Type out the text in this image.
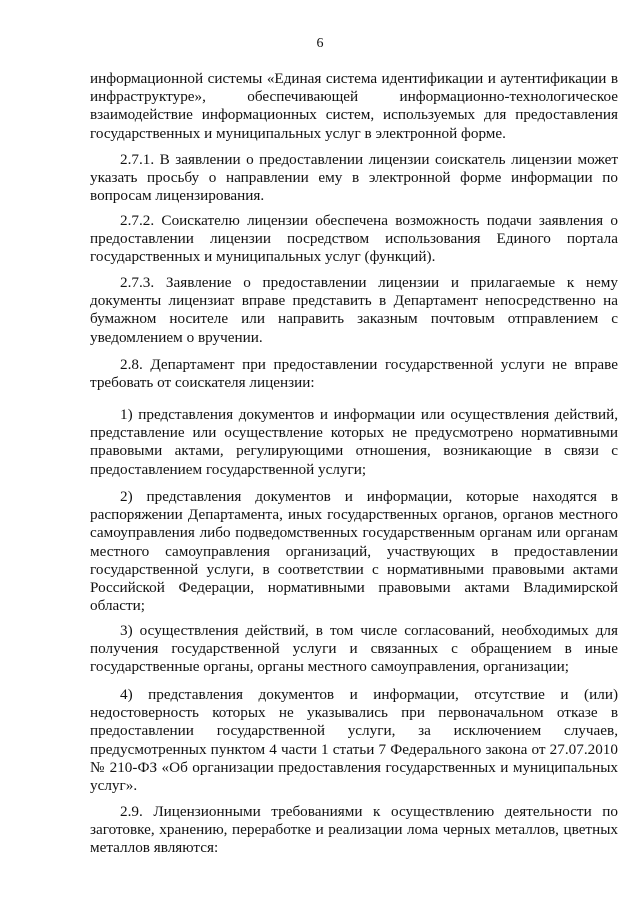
6

информационной системы «Единая система идентификации и аутентификации в инфраструктуре», обеспечивающей информационно-технологическое взаимодействие информационных систем, используемых для предоставления государственных и муниципальных услуг в электронной форме.

2.7.1. В заявлении о предоставлении лицензии соискатель лицензии может указать просьбу о направлении ему в электронной форме информации по вопросам лицензирования.

2.7.2. Соискателю лицензии обеспечена возможность подачи заявления о предоставлении лицензии посредством использования Единого портала государственных и муниципальных услуг (функций).

2.7.3. Заявление о предоставлении лицензии и прилагаемые к нему документы лицензиат вправе представить в Департамент непосредственно на бумажном носителе или направить заказным почтовым отправлением с уведомлением о вручении.

2.8. Департамент при предоставлении государственной услуги не вправе требовать от соискателя лицензии:

1) представления документов и информации или осуществления действий, представление или осуществление которых не предусмотрено нормативными правовыми актами, регулирующими отношения, возникающие в связи с предоставлением государственной услуги;

2) представления документов и информации, которые находятся в распоряжении Департамента, иных государственных органов, органов местного самоуправления либо подведомственных государственным органам или органам местного самоуправления организаций, участвующих в предоставлении государственной услуги, в соответствии с нормативными правовыми актами Российской Федерации, нормативными правовыми актами Владимирской области;

3) осуществления действий, в том числе согласований, необходимых для получения государственной услуги и связанных с обращением в иные государственные органы, органы местного самоуправления, организации;

4) представления документов и информации, отсутствие и (или) недостоверность которых не указывались при первоначальном отказе в предоставлении государственной услуги, за исключением случаев, предусмотренных пунктом 4 части 1 статьи 7 Федерального закона от 27.07.2010 № 210-ФЗ «Об организации предоставления государственных и муниципальных услуг».

2.9. Лицензионными требованиями к осуществлению деятельности по заготовке, хранению, переработке и реализации лома черных металлов, цветных металлов являются:
